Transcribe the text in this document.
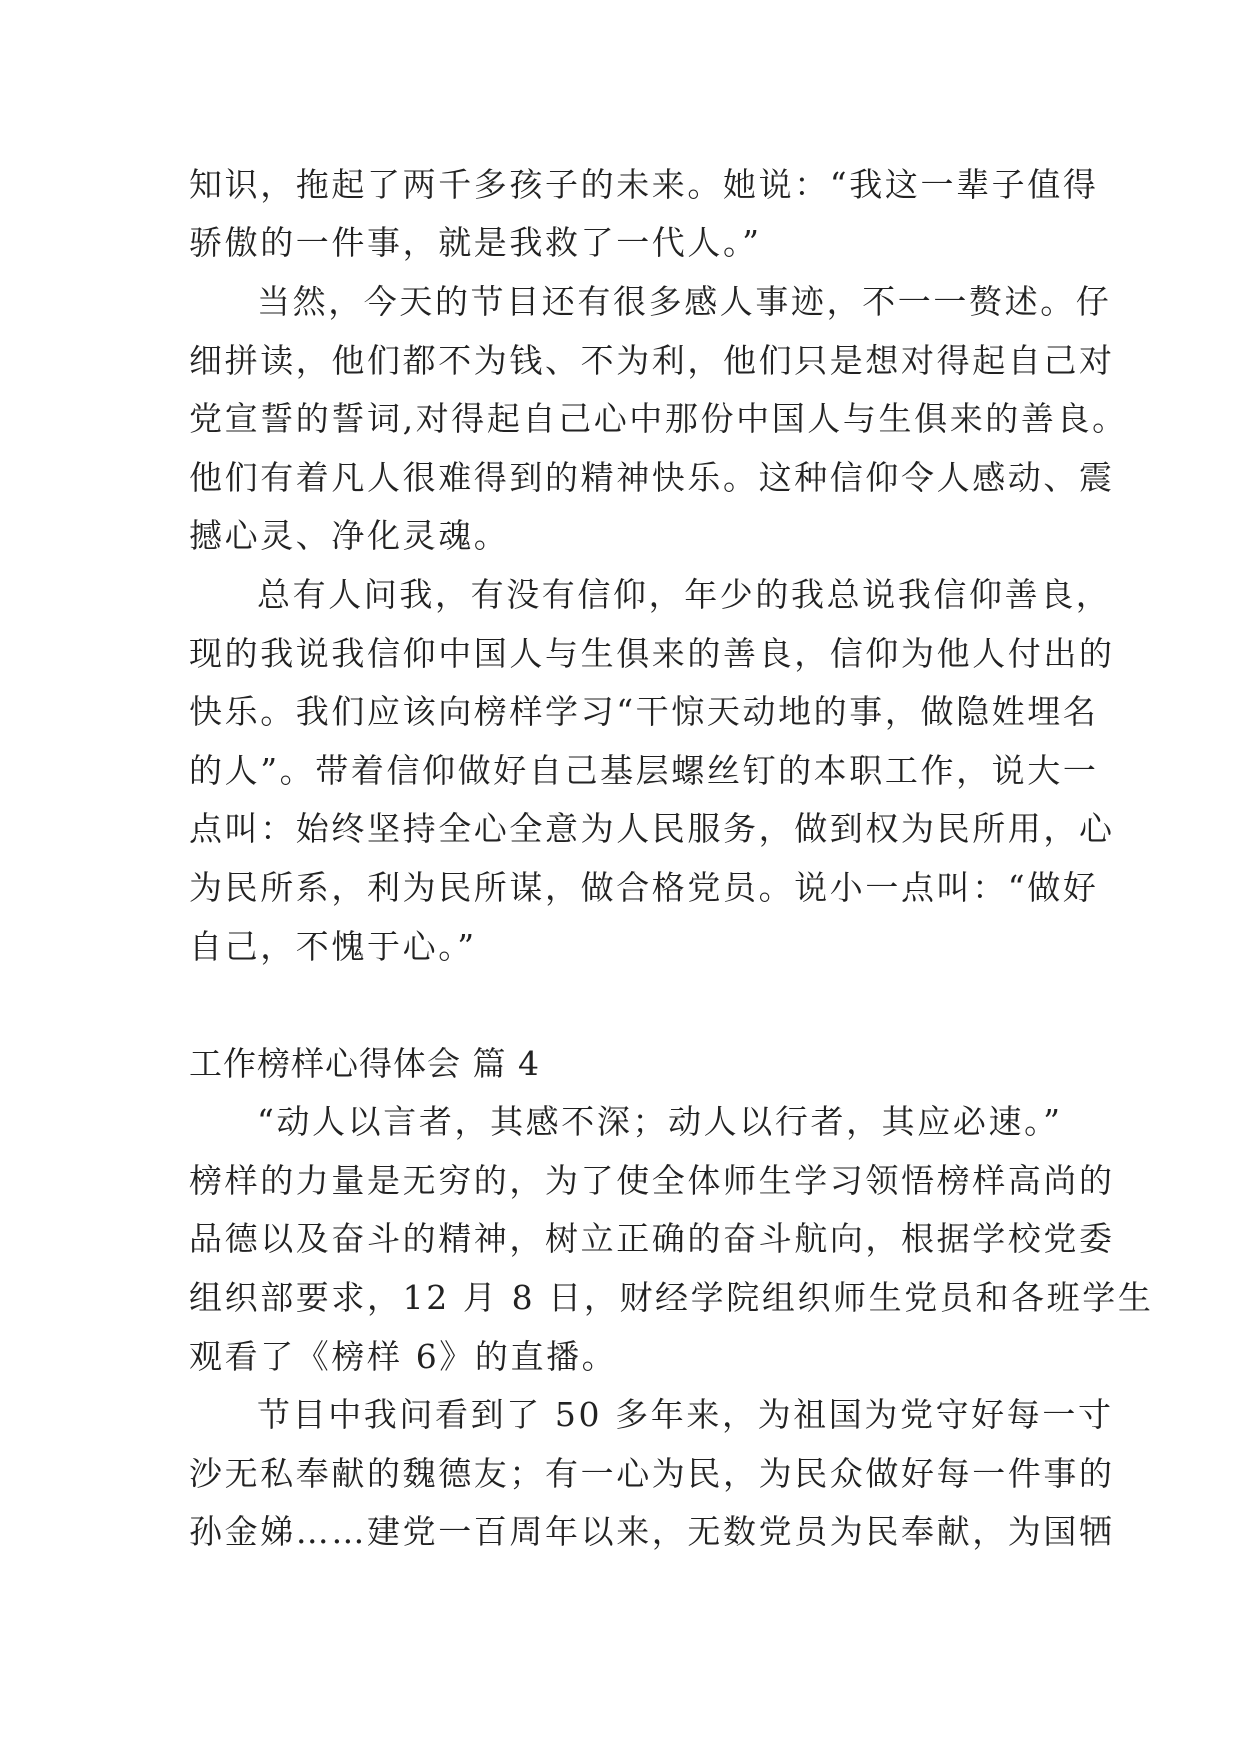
知识，拖起了两千多孩子的未来。她说：“我这一辈子值得
骄傲的一件事，就是我救了一代人。”
当然，今天的节目还有很多感人事迹，不一一赘述。仔
细拼读，他们都不为钱、不为利，他们只是想对得起自己对
党宣誓的誓词,对得起自己心中那份中国人与生俱来的善良。
他们有着凡人很难得到的精神快乐。这种信仰令人感动、震
撼心灵、净化灵魂。
总有人问我，有没有信仰，年少的我总说我信仰善良，
现的我说我信仰中国人与生俱来的善良，信仰为他人付出的
快乐。我们应该向榜样学习“干惊天动地的事，做隐姓埋名
的人”。带着信仰做好自己基层螺丝钉的本职工作，说大一
点叫：始终坚持全心全意为人民服务，做到权为民所用，心
为民所系，利为民所谋，做合格党员。说小一点叫：“做好
自己，不愧于心。”
工作榜样心得体会 篇 4
“动人以言者，其感不深；动人以行者，其应必速。”
榜样的力量是无穷的，为了使全体师生学习领悟榜样高尚的
品德以及奋斗的精神，树立正确的奋斗航向，根据学校党委
组织部要求，12 月 8 日，财经学院组织师生党员和各班学生
观看了《榜样 6》的直播。
节目中我问看到了 50 多年来，为祖国为党守好每一寸
沙无私奉献的魏德友；有一心为民，为民众做好每一件事的
孙金娣……建党一百周年以来，无数党员为民奉献，为国牺
